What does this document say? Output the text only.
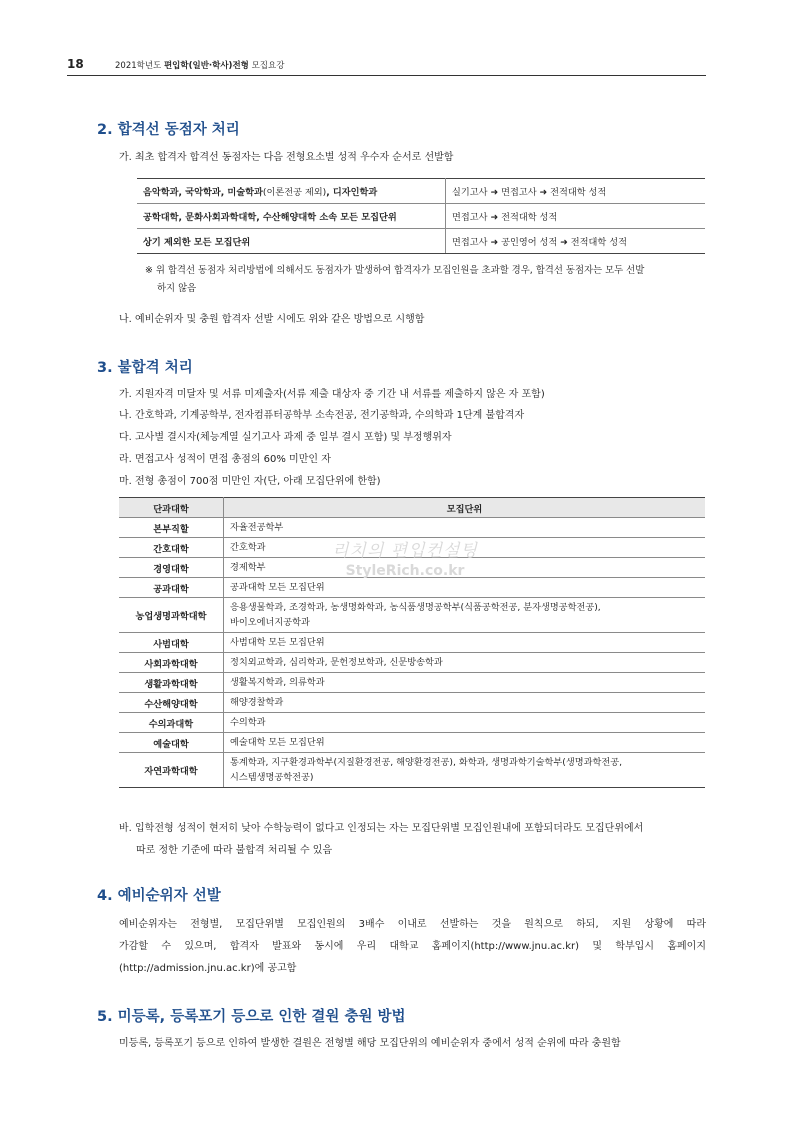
18	2021학년도 편입학(일반·학사)전형 모집요강
2. 합격선 동점자 처리
가. 최초 합격자 합격선 동점자는 다음 전형요소별 성적 우수자 순서로 선발함
음악학과, 국악학과, 미술학과(이론전공 제외), 디자인학과	실기고사 ➜ 면접고사 ➜ 전적대학 성적
공학대학, 문화사회과학대학, 수산해양대학 소속 모든 모집단위	면접고사 ➜ 전적대학 성적
상기 제외한 모든 모집단위	면접고사 ➜ 공인영어 성적 ➜ 전적대학 성적
※ 위 합격선 동점자 처리방법에 의해서도 동점자가 발생하여 합격자가 모집인원을 초과할 경우, 합격선 동점자는 모두 선발
하지 않음
나. 예비순위자 및 충원 합격자 선발 시에도 위와 같은 방법으로 시행함
3. 불합격 처리
가. 지원자격 미달자 및 서류 미제출자(서류 제출 대상자 중 기간 내 서류를 제출하지 않은 자 포함)
나. 간호학과, 기계공학부, 전자컴퓨터공학부 소속전공, 전기공학과, 수의학과 1단계 불합격자
다. 고사별 결시자(체능계열 실기고사 과제 중 일부 결시 포함) 및 부정행위자
라. 면접고사 성적이 면접 총점의 60% 미만인 자
마. 전형 총점이 700점 미만인 자(단, 아래 모집단위에 한함)
단과대학	모집단위
본부직할	자율전공학부

간호대학	간호학과

경영대학	경제학부

공과대학	공과대학 모든 모집단위

농업생명과학대학	응용생물학과, 조경학과, 농생명화학과, 농식품생명공학부(식품공학전공, 분자생명공학전공),
바이오에너지공학과

사범대학	사범대학 모든 모집단위

사회과학대학	정치외교학과, 심리학과, 문헌정보학과, 신문방송학과

생활과학대학	생활복지학과, 의류학과

수산해양대학	해양경찰학과

수의과대학	수의학과

예술대학	예술대학 모든 모집단위

자연과학대학	통계학과, 지구환경과학부(지질환경전공, 해양환경전공), 화학과, 생명과학기술학부(생명과학전공,
시스템생명공학전공)
리치의 편입컨설팅
StyleRich.co.kr
바. 입학전형 성적이 현저히 낮아 수학능력이 없다고 인정되는 자는 모집단위별 모집인원내에 포함되더라도 모집단위에서
따로 정한 기준에 따라 불합격 처리될 수 있음
4. 예비순위자 선발
예비순위자는 전형별, 모집단위별 모집인원의 3배수 이내로 선발하는 것을 원칙으로 하되, 지원 상황에 따라
가감할 수 있으며, 합격자 발표와 동시에 우리 대학교 홈페이지(http://www.jnu.ac.kr) 및 학부입시 홈페이지
(http://admission.jnu.ac.kr)에 공고함
5. 미등록, 등록포기 등으로 인한 결원 충원 방법
미등록, 등록포기 등으로 인하여 발생한 결원은 전형별 해당 모집단위의 예비순위자 중에서 성적 순위에 따라 충원함
